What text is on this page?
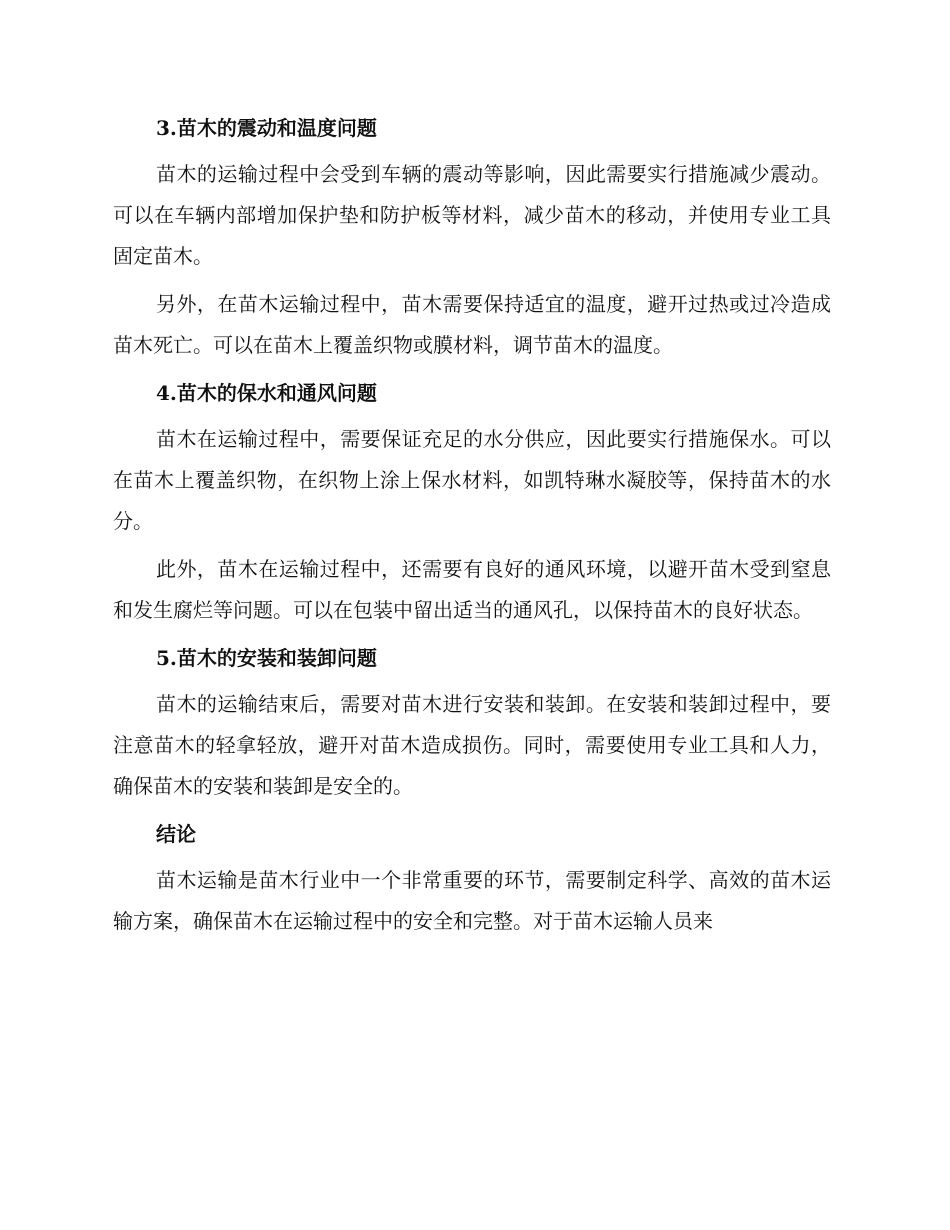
3.苗木的震动和温度问题

苗木的运输过程中会受到车辆的震动等影响，因此需要实行措施减少震动。可以在车辆内部增加保护垫和防护板等材料，减少苗木的移动，并使用专业工具固定苗木。

另外，在苗木运输过程中，苗木需要保持适宜的温度，避开过热或过冷造成苗木死亡。可以在苗木上覆盖织物或膜材料，调节苗木的温度。

4.苗木的保水和通风问题

苗木在运输过程中，需要保证充足的水分供应，因此要实行措施保水。可以在苗木上覆盖织物，在织物上涂上保水材料，如凯特琳水凝胶等，保持苗木的水分。

此外，苗木在运输过程中，还需要有良好的通风环境，以避开苗木受到窒息和发生腐烂等问题。可以在包装中留出适当的通风孔，以保持苗木的良好状态。

5.苗木的安装和装卸问题

苗木的运输结束后，需要对苗木进行安装和装卸。在安装和装卸过程中，要注意苗木的轻拿轻放，避开对苗木造成损伤。同时，需要使用专业工具和人力，确保苗木的安装和装卸是安全的。

结论

苗木运输是苗木行业中一个非常重要的环节，需要制定科学、高效的苗木运输方案，确保苗木在运输过程中的安全和完整。对于苗木运输人员来
